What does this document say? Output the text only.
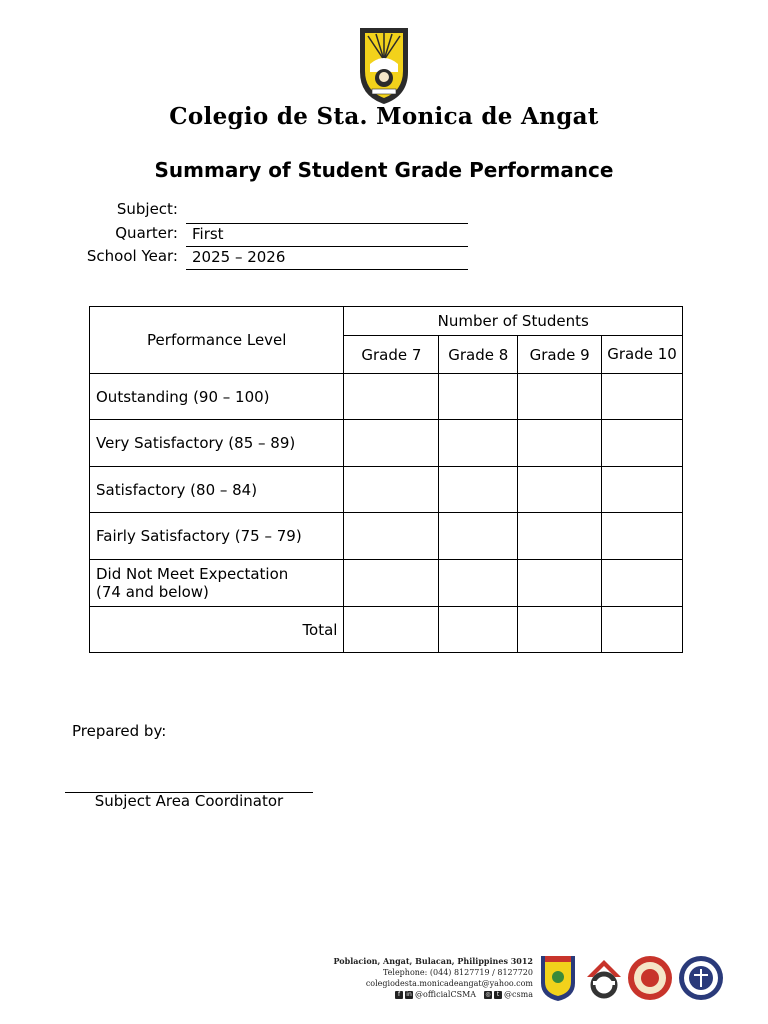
Colegio de Sta. Monica de Angat
Summary of Student Grade Performance
Subject:
Quarter: First
School Year: 2025 – 2026
Performance Level	Number of Students			
	Grade 7	Grade 8	Grade 9	Grade 10
Outstanding (90 – 100)				
Very Satisfactory (85 – 89)				
Satisfactory (80 – 84)				
Fairly Satisfactory (75 – 79)				

Did Not Meet Expectation
(74 and below)				

Total				
Prepared by:
Subject Area Coordinator
Poblacion, Angat, Bulacan, Philippines 3012
Telephone: (044) 8127719 / 8127720
colegiodesta.monicadeangat@yahoo.com
f	in @officialCSMA ◎	t @csma
